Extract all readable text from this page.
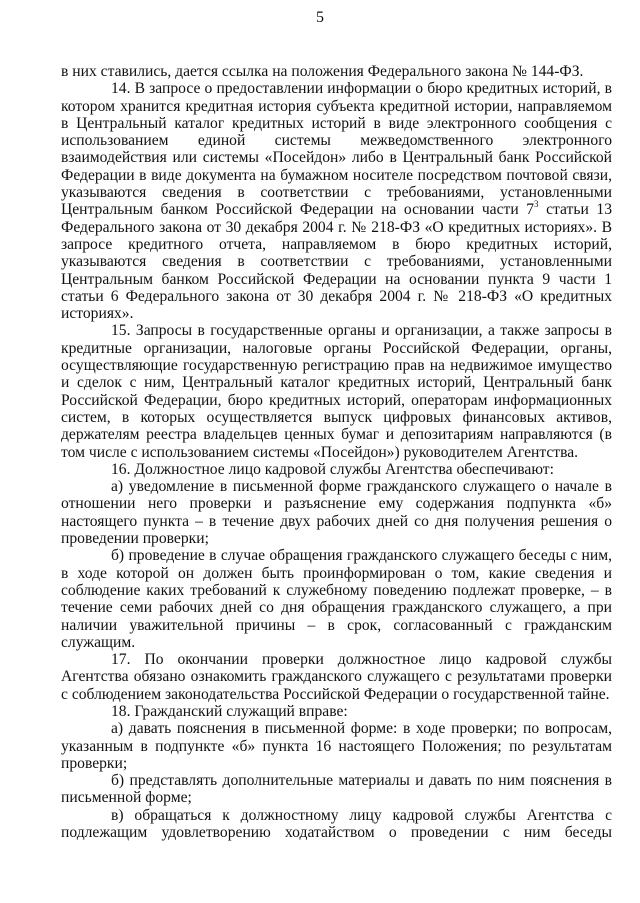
5

в них ставились, дается ссылка на положения Федерального закона № 144-ФЗ.

14. В запросе о предоставлении информации о бюро кредитных историй, в котором хранится кредитная история субъекта кредитной истории, направляемом в Центральный каталог кредитных историй в виде электронного сообщения с использованием единой системы межведомственного электронного взаимодействия или системы «Посейдон» либо в Центральный банк Российской Федерации в виде документа на бумажном носителе посредством почтовой связи, указываются сведения в соответствии с требованиями, установленными Центральным банком Российской Федерации на основании части $7^3$ статьи 13 Федерального закона от 30 декабря 2004 г. № 218-ФЗ «О кредитных историях». В запросе кредитного отчета, направляемом в бюро кредитных историй, указываются сведения в соответствии с требованиями, установленными Центральным банком Российской Федерации на основании пункта 9 части 1 статьи 6 Федерального закона от 30 декабря 2004 г. № 218-ФЗ «О кредитных историях».

15. Запросы в государственные органы и организации, а также запросы в кредитные организации, налоговые органы Российской Федерации, органы, осуществляющие государственную регистрацию прав на недвижимое имущество и сделок с ним, Центральный каталог кредитных историй, Центральный банк Российской Федерации, бюро кредитных историй, операторам информационных систем, в которых осуществляется выпуск цифровых финансовых активов, держателям реестра владельцев ценных бумаг и депозитариям направляются (в том числе с использованием системы «Посейдон») руководителем Агентства.

16. Должностное лицо кадровой службы Агентства обеспечивают:

а) уведомление в письменной форме гражданского служащего о начале в отношении него проверки и разъяснение ему содержания подпункта «б» настоящего пункта – в течение двух рабочих дней со дня получения решения о проведении проверки;

б) проведение в случае обращения гражданского служащего беседы с ним, в ходе которой он должен быть проинформирован о том, какие сведения и соблюдение каких требований к служебному поведению подлежат проверке, – в течение семи рабочих дней со дня обращения гражданского служащего, а при наличии уважительной причины – в срок, согласованный с гражданским служащим.

17. По окончании проверки должностное лицо кадровой службы Агентства обязано ознакомить гражданского служащего с результатами проверки с соблюдением законодательства Российской Федерации о государственной тайне.

18. Гражданский служащий вправе:

а) давать пояснения в письменной форме: в ходе проверки; по вопросам, указанным в подпункте «б» пункта 16 настоящего Положения; по результатам проверки;

б) представлять дополнительные материалы и давать по ним пояснения в письменной форме;

в) обращаться к должностному лицу кадровой службы Агентства с подлежащим удовлетворению ходатайством о проведении с ним беседы
